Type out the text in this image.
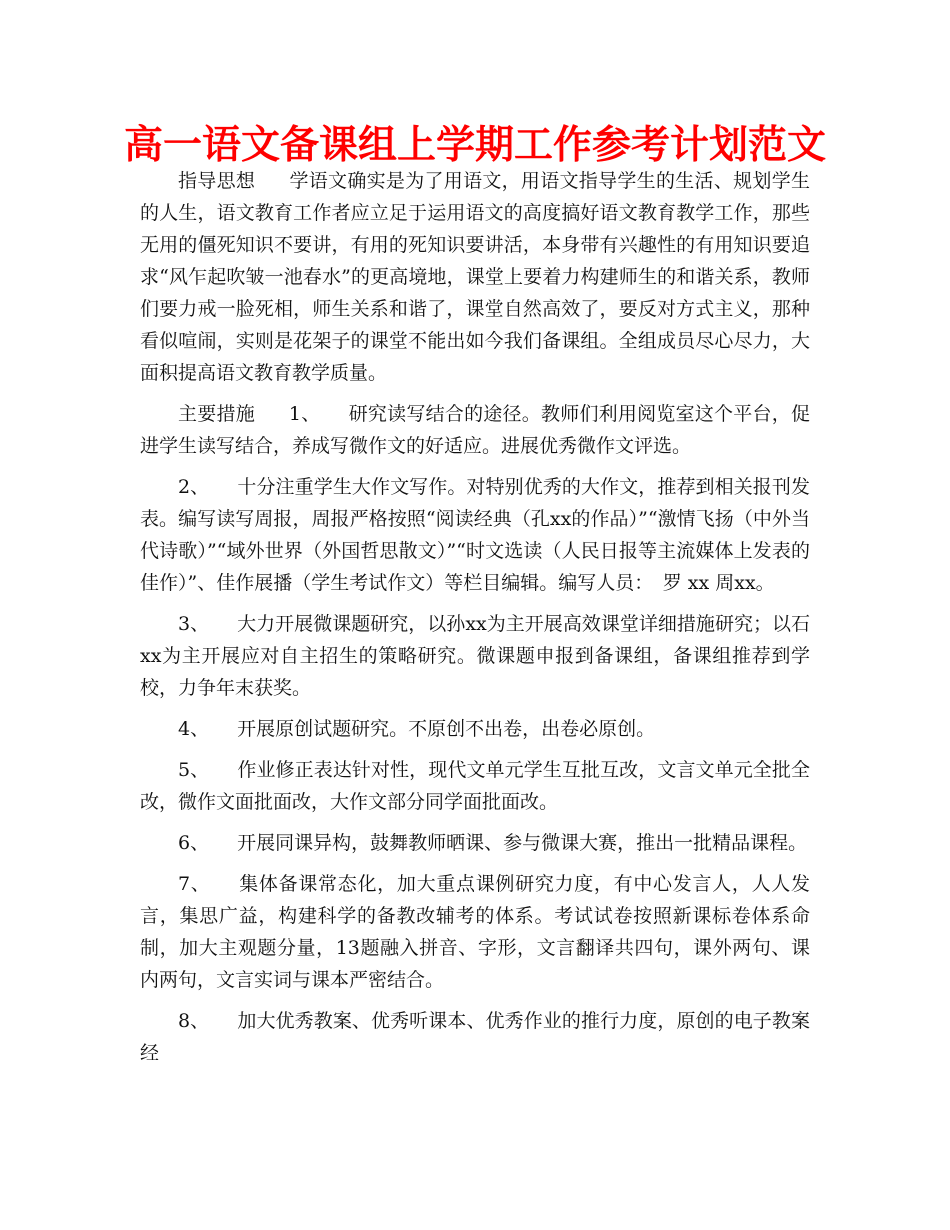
高一语文备课组上学期工作参考计划范文

指导思想 学语文确实是为了用语文，用语文指导学生的生活、规划学生的人生，语文教育工作者应立足于运用语文的高度搞好语文教育教学工作，那些无用的僵死知识不要讲，有用的死知识要讲活，本身带有兴趣性的有用知识要追求“风乍起吹皱一池春水”的更高境地，课堂上要着力构建师生的和谐关系，教师们要力戒一脸死相，师生关系和谐了，课堂自然高效了，要反对方式主义，那种看似喧闹，实则是花架子的课堂不能出如今我们备课组。全组成员尽心尽力，大面积提高语文教育教学质量。

主要措施 1、 研究读写结合的途径。教师们利用阅览室这个平台，促进学生读写结合，养成写微作文的好适应。进展优秀微作文评选。

2、 十分注重学生大作文写作。对特别优秀的大作文，推荐到相关报刊发表。编写读写周报，周报严格按照“阅读经典（孔xx的作品）”“激情飞扬（中外当代诗歌）”“域外世界（外国哲思散文）”“时文选读（人民日报等主流媒体上发表的佳作）”、佳作展播（学生考试作文）等栏目编辑。编写人员：　罗 xx 周xx。

3、 大力开展微课题研究，以孙xx为主开展高效课堂详细措施研究；以石xx为主开展应对自主招生的策略研究。微课题申报到备课组，备课组推荐到学校，力争年末获奖。

4、 开展原创试题研究。不原创不出卷，出卷必原创。

5、 作业修正表达针对性，现代文单元学生互批互改，文言文单元全批全改，微作文面批面改，大作文部分同学面批面改。

6、 开展同课异构，鼓舞教师晒课、参与微课大赛，推出一批精品课程。

7、 集体备课常态化，加大重点课例研究力度，有中心发言人，人人发言，集思广益，构建科学的备教改辅考的体系。考试试卷按照新课标卷体系命制，加大主观题分量，13题融入拼音、字形，文言翻译共四句，课外两句、课内两句，文言实词与课本严密结合。

8、 加大优秀教案、优秀听课本、优秀作业的推行力度，原创的电子教案经
